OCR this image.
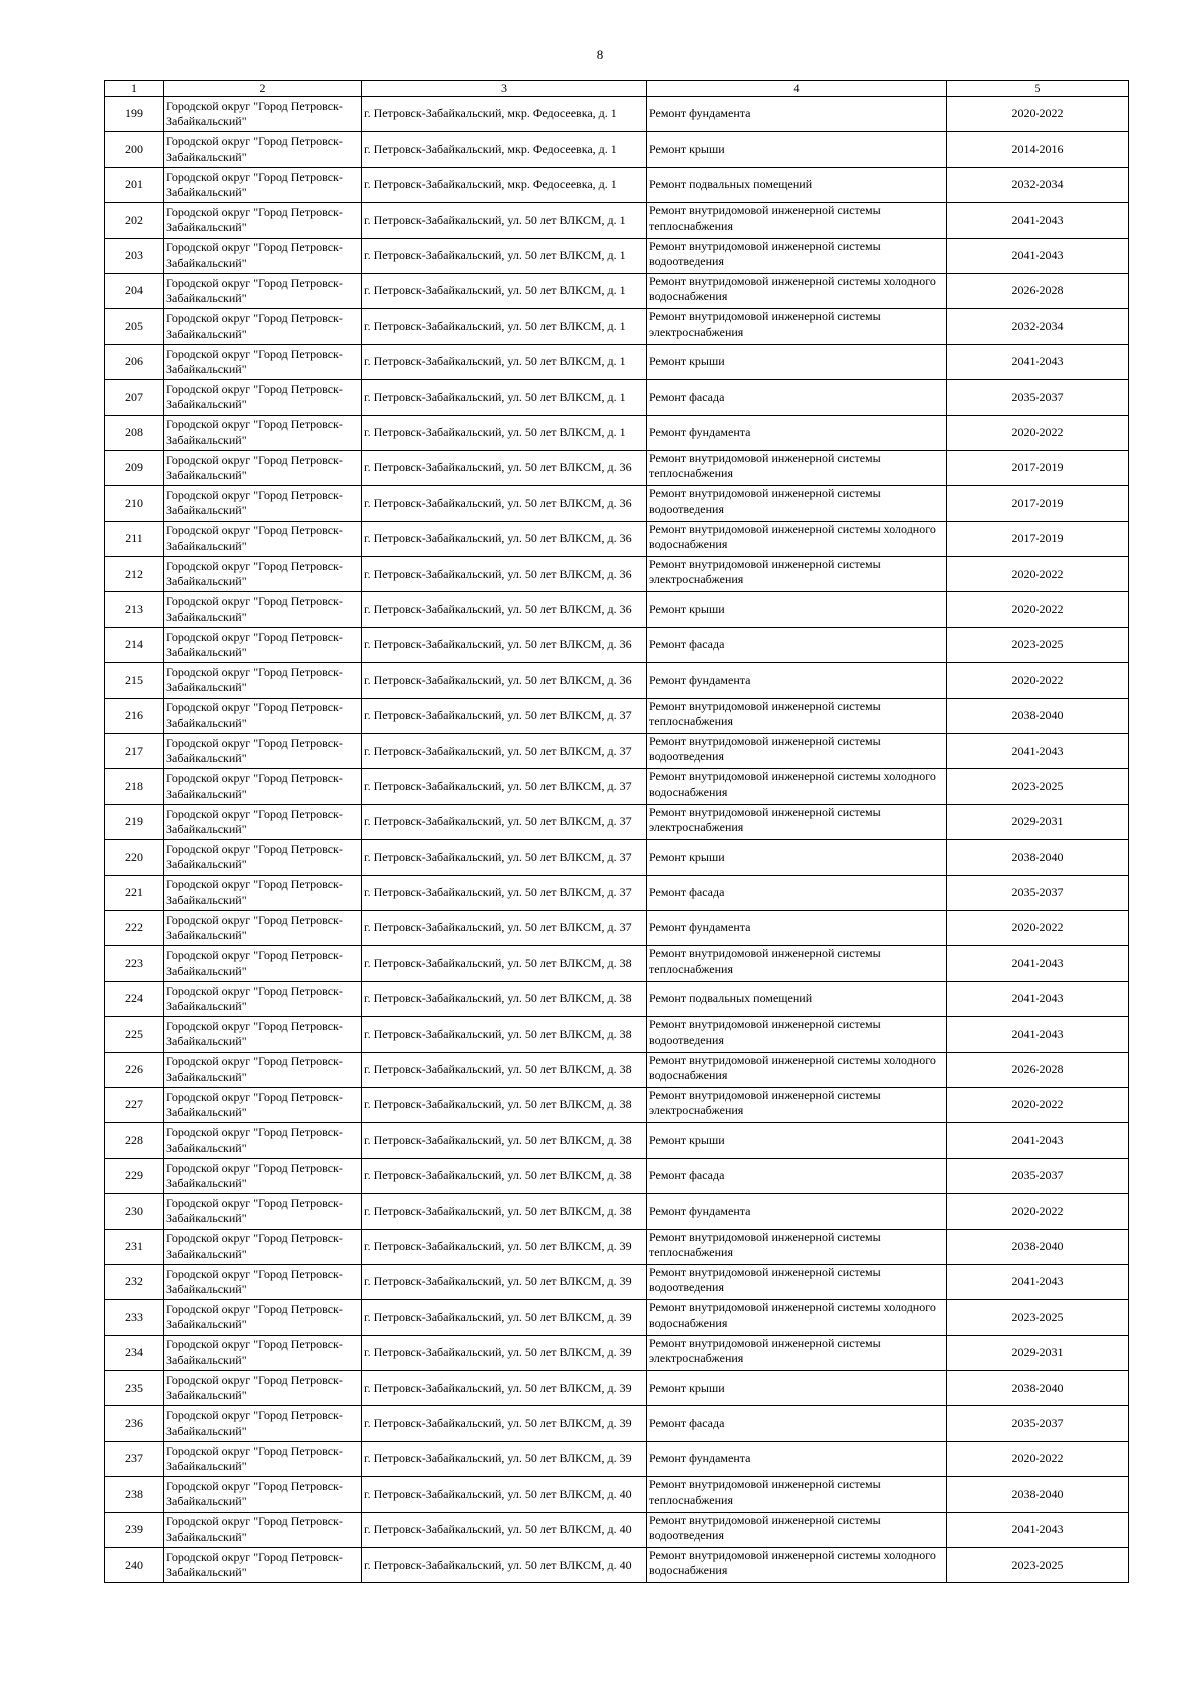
8
1	2	3	4	5
199	Городской округ "Город Петровск-Забайкальский"	г. Петровск-Забайкальский, мкр. Федосеевка, д. 1	Ремонт фундамента	2020-2022
200	Городской округ "Город Петровск-Забайкальский"	г. Петровск-Забайкальский, мкр. Федосеевка, д. 1	Ремонт крыши	2014-2016
201	Городской округ "Город Петровск-Забайкальский"	г. Петровск-Забайкальский, мкр. Федосеевка, д. 1	Ремонт подвальных помещений	2032-2034
202	Городской округ "Город Петровск-Забайкальский"	г. Петровск-Забайкальский, ул. 50 лет ВЛКСМ, д. 1	Ремонт внутридомовой инженерной системы теплоснабжения	2041-2043
203	Городской округ "Город Петровск-Забайкальский"	г. Петровск-Забайкальский, ул. 50 лет ВЛКСМ, д. 1	Ремонт внутридомовой инженерной системы водоотведения	2041-2043
204	Городской округ "Город Петровск-Забайкальский"	г. Петровск-Забайкальский, ул. 50 лет ВЛКСМ, д. 1	Ремонт внутридомовой инженерной системы холодного водоснабжения	2026-2028
205	Городской округ "Город Петровск-Забайкальский"	г. Петровск-Забайкальский, ул. 50 лет ВЛКСМ, д. 1	Ремонт внутридомовой инженерной системы электроснабжения	2032-2034
206	Городской округ "Город Петровск-Забайкальский"	г. Петровск-Забайкальский, ул. 50 лет ВЛКСМ, д. 1	Ремонт крыши	2041-2043
207	Городской округ "Город Петровск-Забайкальский"	г. Петровск-Забайкальский, ул. 50 лет ВЛКСМ, д. 1	Ремонт фасада	2035-2037
208	Городской округ "Город Петровск-Забайкальский"	г. Петровск-Забайкальский, ул. 50 лет ВЛКСМ, д. 1	Ремонт фундамента	2020-2022
209	Городской округ "Город Петровск-Забайкальский"	г. Петровск-Забайкальский, ул. 50 лет ВЛКСМ, д. 36	Ремонт внутридомовой инженерной системы теплоснабжения	2017-2019
210	Городской округ "Город Петровск-Забайкальский"	г. Петровск-Забайкальский, ул. 50 лет ВЛКСМ, д. 36	Ремонт внутридомовой инженерной системы водоотведения	2017-2019
211	Городской округ "Город Петровск-Забайкальский"	г. Петровск-Забайкальский, ул. 50 лет ВЛКСМ, д. 36	Ремонт внутридомовой инженерной системы холодного водоснабжения	2017-2019
212	Городской округ "Город Петровск-Забайкальский"	г. Петровск-Забайкальский, ул. 50 лет ВЛКСМ, д. 36	Ремонт внутридомовой инженерной системы электроснабжения	2020-2022
213	Городской округ "Город Петровск-Забайкальский"	г. Петровск-Забайкальский, ул. 50 лет ВЛКСМ, д. 36	Ремонт крыши	2020-2022
214	Городской округ "Город Петровск-Забайкальский"	г. Петровск-Забайкальский, ул. 50 лет ВЛКСМ, д. 36	Ремонт фасада	2023-2025
215	Городской округ "Город Петровск-Забайкальский"	г. Петровск-Забайкальский, ул. 50 лет ВЛКСМ, д. 36	Ремонт фундамента	2020-2022
216	Городской округ "Город Петровск-Забайкальский"	г. Петровск-Забайкальский, ул. 50 лет ВЛКСМ, д. 37	Ремонт внутридомовой инженерной системы теплоснабжения	2038-2040
217	Городской округ "Город Петровск-Забайкальский"	г. Петровск-Забайкальский, ул. 50 лет ВЛКСМ, д. 37	Ремонт внутридомовой инженерной системы водоотведения	2041-2043
218	Городской округ "Город Петровск-Забайкальский"	г. Петровск-Забайкальский, ул. 50 лет ВЛКСМ, д. 37	Ремонт внутридомовой инженерной системы холодного водоснабжения	2023-2025
219	Городской округ "Город Петровск-Забайкальский"	г. Петровск-Забайкальский, ул. 50 лет ВЛКСМ, д. 37	Ремонт внутридомовой инженерной системы электроснабжения	2029-2031
220	Городской округ "Город Петровск-Забайкальский"	г. Петровск-Забайкальский, ул. 50 лет ВЛКСМ, д. 37	Ремонт крыши	2038-2040
221	Городской округ "Город Петровск-Забайкальский"	г. Петровск-Забайкальский, ул. 50 лет ВЛКСМ, д. 37	Ремонт фасада	2035-2037
222	Городской округ "Город Петровск-Забайкальский"	г. Петровск-Забайкальский, ул. 50 лет ВЛКСМ, д. 37	Ремонт фундамента	2020-2022
223	Городской округ "Город Петровск-Забайкальский"	г. Петровск-Забайкальский, ул. 50 лет ВЛКСМ, д. 38	Ремонт внутридомовой инженерной системы теплоснабжения	2041-2043
224	Городской округ "Город Петровск-Забайкальский"	г. Петровск-Забайкальский, ул. 50 лет ВЛКСМ, д. 38	Ремонт подвальных помещений	2041-2043
225	Городской округ "Город Петровск-Забайкальский"	г. Петровск-Забайкальский, ул. 50 лет ВЛКСМ, д. 38	Ремонт внутридомовой инженерной системы водоотведения	2041-2043
226	Городской округ "Город Петровск-Забайкальский"	г. Петровск-Забайкальский, ул. 50 лет ВЛКСМ, д. 38	Ремонт внутридомовой инженерной системы холодного водоснабжения	2026-2028
227	Городской округ "Город Петровск-Забайкальский"	г. Петровск-Забайкальский, ул. 50 лет ВЛКСМ, д. 38	Ремонт внутридомовой инженерной системы электроснабжения	2020-2022
228	Городской округ "Город Петровск-Забайкальский"	г. Петровск-Забайкальский, ул. 50 лет ВЛКСМ, д. 38	Ремонт крыши	2041-2043
229	Городской округ "Город Петровск-Забайкальский"	г. Петровск-Забайкальский, ул. 50 лет ВЛКСМ, д. 38	Ремонт фасада	2035-2037
230	Городской округ "Город Петровск-Забайкальский"	г. Петровск-Забайкальский, ул. 50 лет ВЛКСМ, д. 38	Ремонт фундамента	2020-2022
231	Городской округ "Город Петровск-Забайкальский"	г. Петровск-Забайкальский, ул. 50 лет ВЛКСМ, д. 39	Ремонт внутридомовой инженерной системы теплоснабжения	2038-2040
232	Городской округ "Город Петровск-Забайкальский"	г. Петровск-Забайкальский, ул. 50 лет ВЛКСМ, д. 39	Ремонт внутридомовой инженерной системы водоотведения	2041-2043
233	Городской округ "Город Петровск-Забайкальский"	г. Петровск-Забайкальский, ул. 50 лет ВЛКСМ, д. 39	Ремонт внутридомовой инженерной системы холодного водоснабжения	2023-2025
234	Городской округ "Город Петровск-Забайкальский"	г. Петровск-Забайкальский, ул. 50 лет ВЛКСМ, д. 39	Ремонт внутридомовой инженерной системы электроснабжения	2029-2031
235	Городской округ "Город Петровск-Забайкальский"	г. Петровск-Забайкальский, ул. 50 лет ВЛКСМ, д. 39	Ремонт крыши	2038-2040
236	Городской округ "Город Петровск-Забайкальский"	г. Петровск-Забайкальский, ул. 50 лет ВЛКСМ, д. 39	Ремонт фасада	2035-2037
237	Городской округ "Город Петровск-Забайкальский"	г. Петровск-Забайкальский, ул. 50 лет ВЛКСМ, д. 39	Ремонт фундамента	2020-2022
238	Городской округ "Город Петровск-Забайкальский"	г. Петровск-Забайкальский, ул. 50 лет ВЛКСМ, д. 40	Ремонт внутридомовой инженерной системы теплоснабжения	2038-2040
239	Городской округ "Город Петровск-Забайкальский"	г. Петровск-Забайкальский, ул. 50 лет ВЛКСМ, д. 40	Ремонт внутридомовой инженерной системы водоотведения	2041-2043
240	Городской округ "Город Петровск-Забайкальский"	г. Петровск-Забайкальский, ул. 50 лет ВЛКСМ, д. 40	Ремонт внутридомовой инженерной системы холодного водоснабжения	2023-2025
